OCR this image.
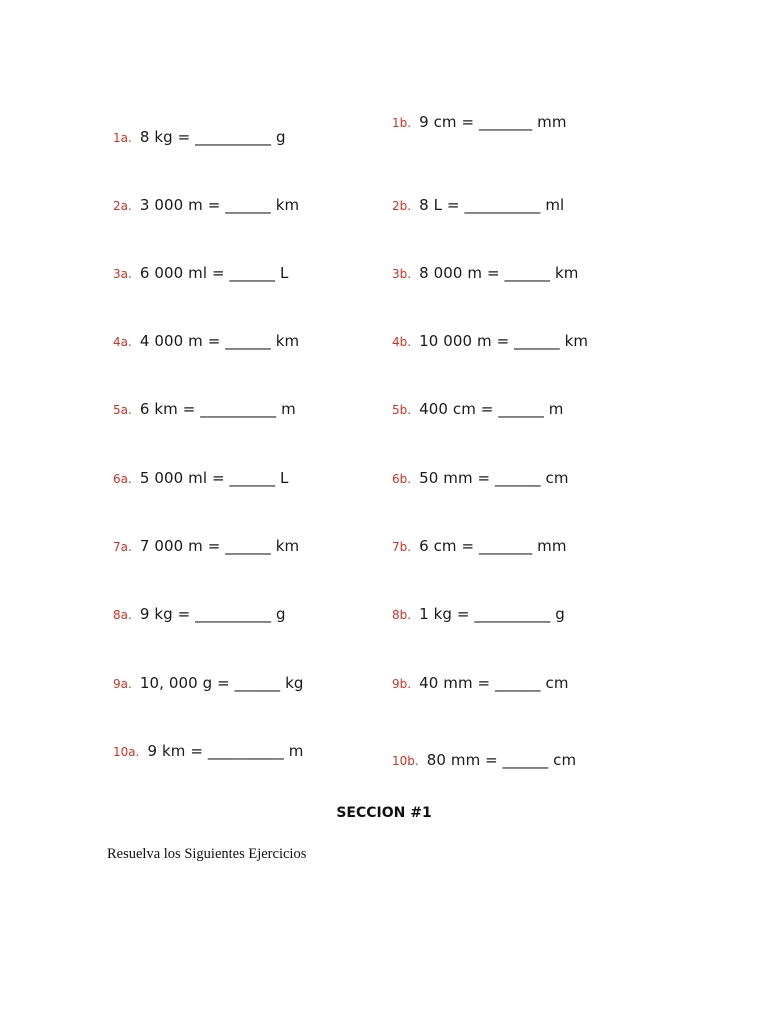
1a. 8 kg = __________ g
2a. 3 000 m = ______ km
3a. 6 000 ml = ______ L
4a. 4 000 m = ______ km
5a. 6 km = __________ m
6a. 5 000 ml = ______ L
7a. 7 000 m = ______ km
8a. 9 kg = __________ g
9a. 10, 000 g = ______ kg
10a. 9 km = __________ m
1b. 9 cm = _______ mm
2b. 8 L = __________ ml
3b. 8 000 m = ______ km
4b. 10 000 m = ______ km
5b. 400 cm = ______ m
6b. 50 mm = ______ cm
7b. 6 cm = _______ mm
8b. 1 kg = __________ g
9b. 40 mm = ______ cm
10b. 80 mm = ______ cm
SECCION #1
Resuelva los Siguientes Ejercicios
